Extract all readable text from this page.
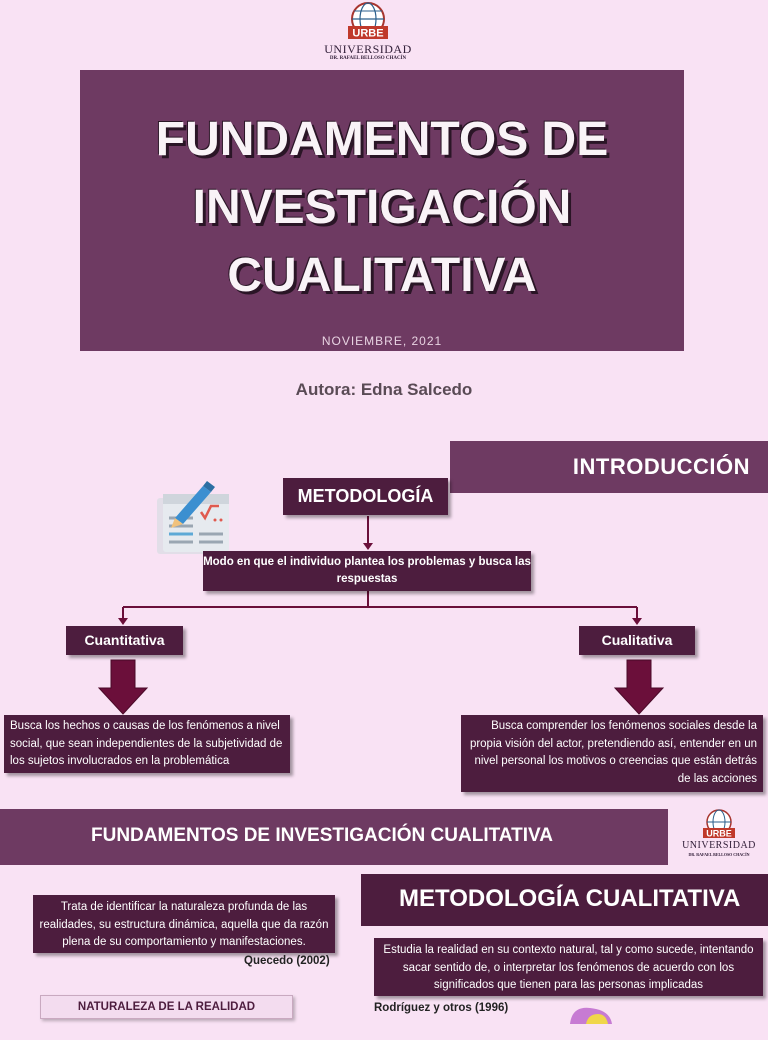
URBE
UNIVERSIDAD
DR. RAFAEL BELLOSO CHACÍN
FUNDAMENTOS DE
INVESTIGACIÓN
CUALITATIVA
NOVIEMBRE, 2021
Autora: Edna Salcedo
INTRODUCCIÓN
METODOLOGÍA
Modo en que el individuo plantea los problemas y busca las respuestas
Cuantitativa	Cualitativa
Busca los hechos o causas de los fenómenos a nivel social, que sean independientes de la subjetividad de los sujetos involucrados en la problemática
Busca comprender los fenómenos sociales desde la propia visión del actor, pretendiendo así, entender en un nivel personal los motivos o creencias que están detrás de las acciones
FUNDAMENTOS DE INVESTIGACIÓN CUALITATIVA	URBE
UNIVERSIDAD
DR. RAFAEL BELLOSO CHACÍN
METODOLOGÍA CUALITATIVA
Trata de identificar la naturaleza profunda de las realidades, su estructura dinámica, aquella que da razón plena de su comportamiento y manifestaciones.
Quecedo (2002)
Estudia la realidad en su contexto natural, tal y como sucede, intentando sacar sentido de, o interpretar los fenómenos de acuerdo con los significados que tienen para las personas implicadas
Rodríguez y otros (1996)
NATURALEZA DE LA REALIDAD
